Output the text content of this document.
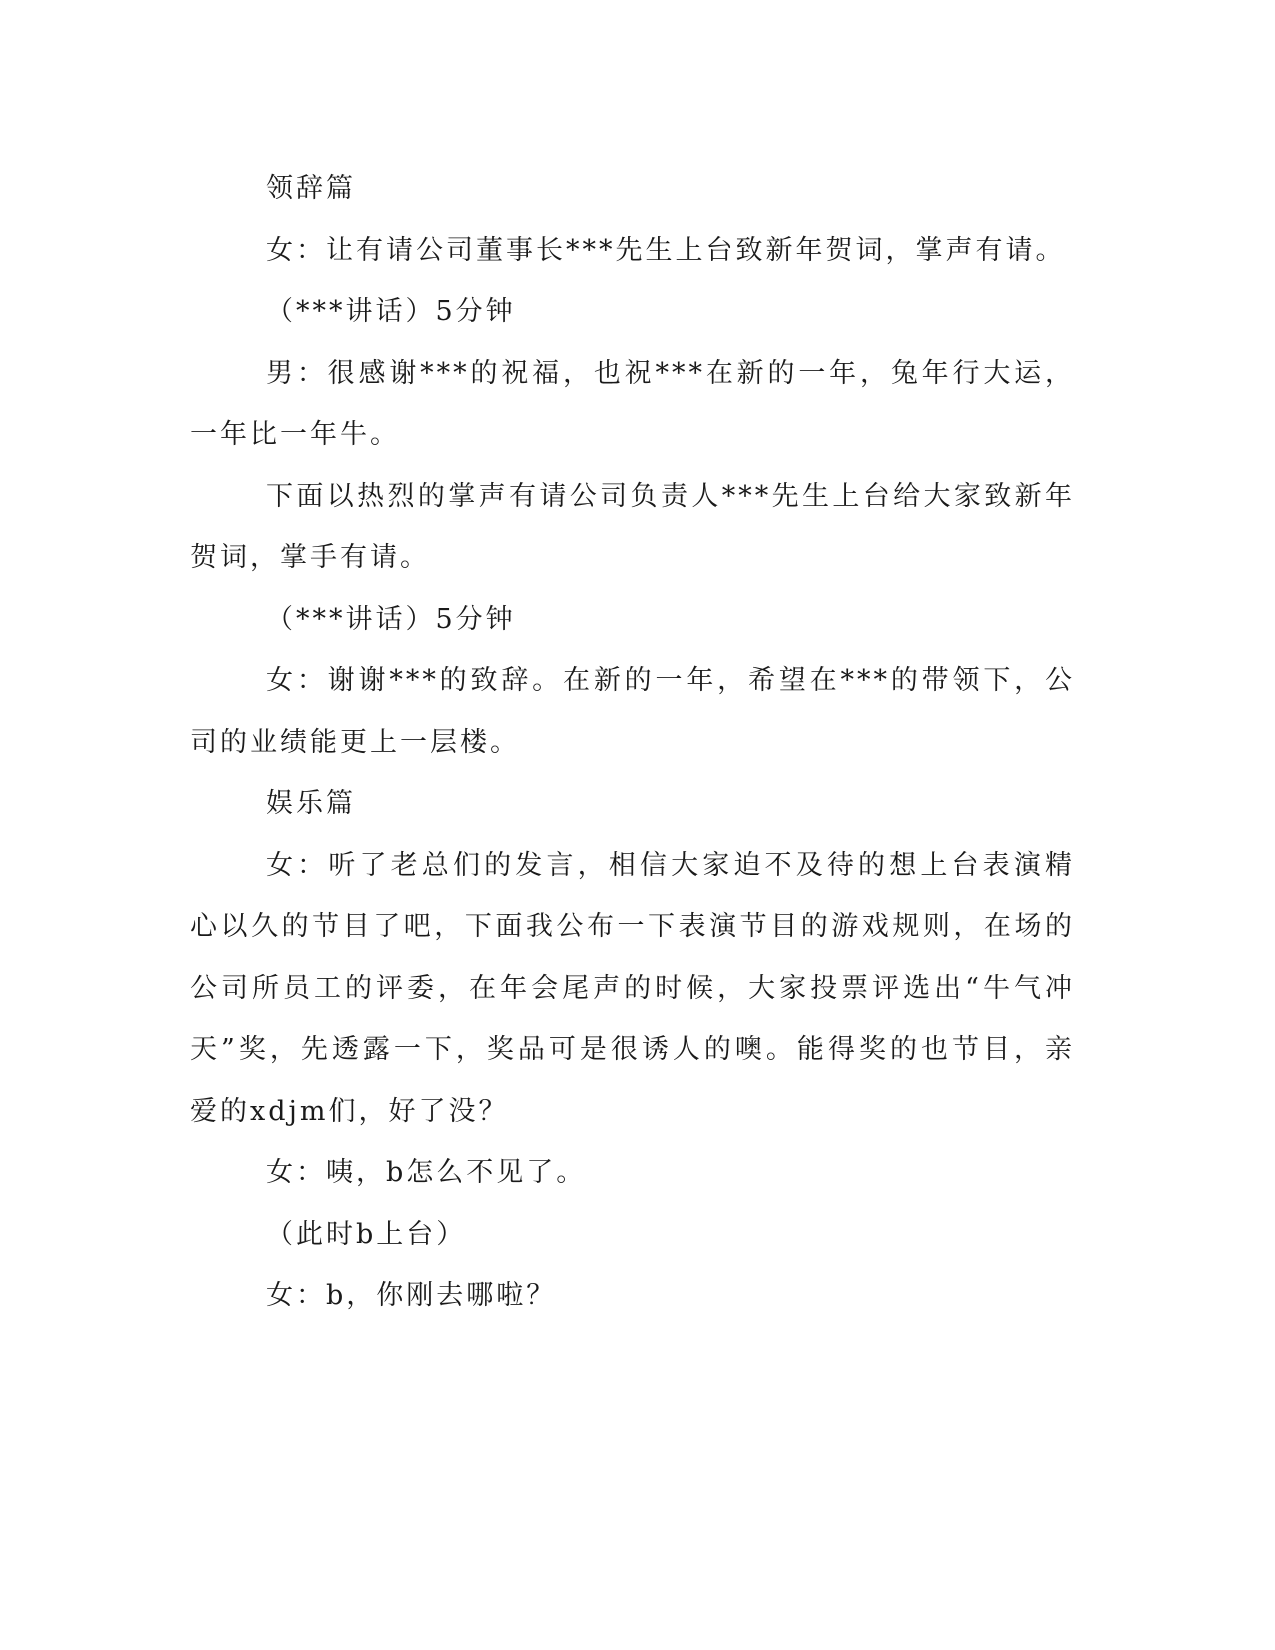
领辞篇

女：让有请公司董事长***先生上台致新年贺词，掌声有请。

（***讲话）5分钟

男：很感谢***的祝福，也祝***在新的一年，兔年行大运，一年比一年牛。

下面以热烈的掌声有请公司负责人***先生上台给大家致新年贺词，掌手有请。

（***讲话）5分钟

女：谢谢***的致辞。在新的一年，希望在***的带领下，公司的业绩能更上一层楼。

娱乐篇

女：听了老总们的发言，相信大家迫不及待的想上台表演精心以久的节目了吧，下面我公布一下表演节目的游戏规则，在场的公司所员工的评委，在年会尾声的时候，大家投票评选出“牛气冲天”奖，先透露一下，奖品可是很诱人的噢。能得奖的也节目，亲爱的xdjm们，好了没？

女：咦，b怎么不见了。

（此时b上台）

女：b，你刚去哪啦？
